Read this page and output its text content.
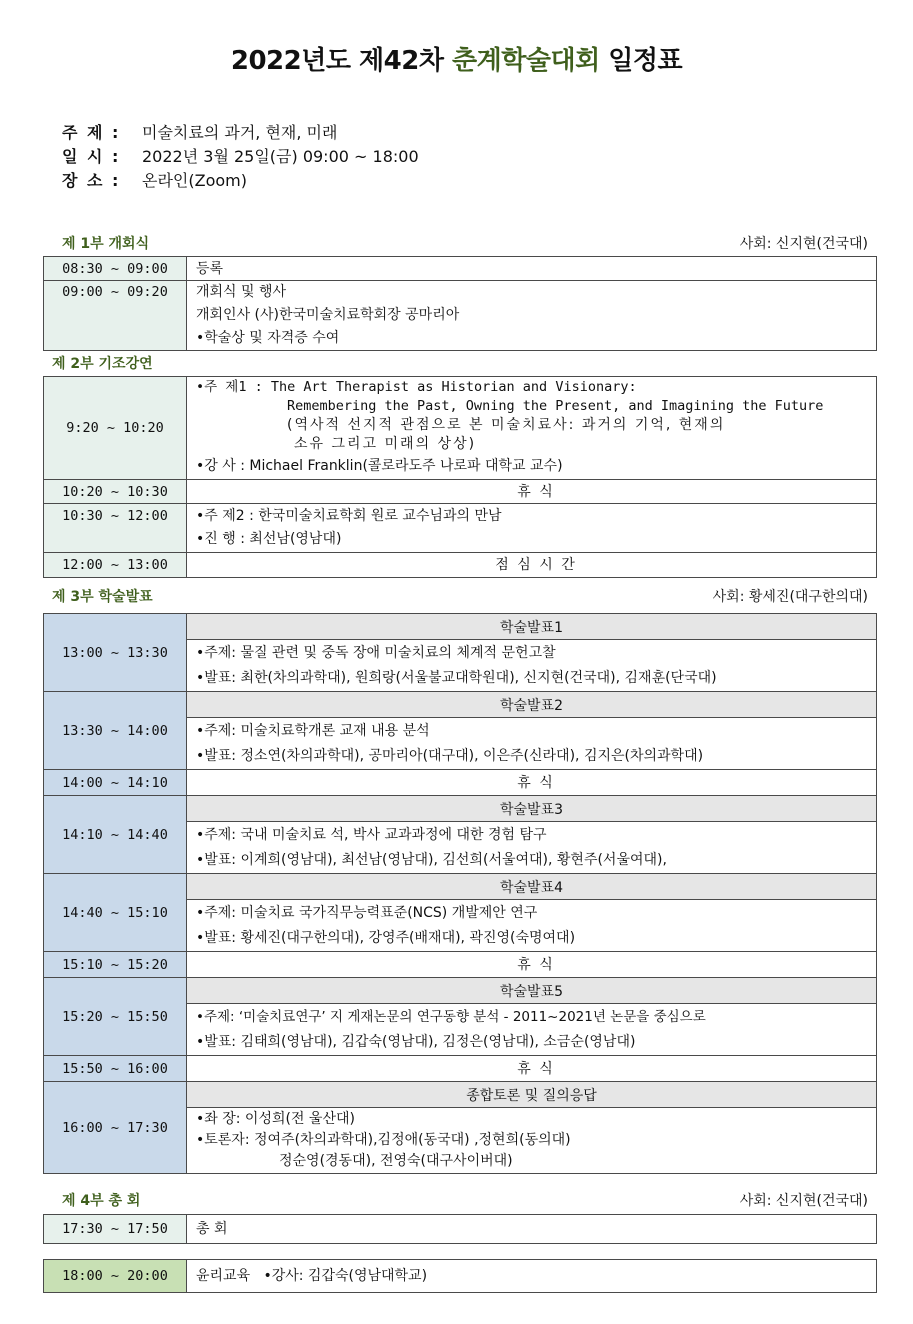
2022년도 제42차 춘계학술대회 일정표
주 제 : 미술치료의 과거, 현재, 미래
일 시 : 2022년 3월 25일(금) 09:00 ~ 18:00
장 소 : 온라인(Zoom)
제 1부 개회식	사회: 신지현(건국대)
08:30 ~ 09:00	등록
09:00 ~ 09:20	개회식 및 행사
개회인사 (사)한국미술치료학회장 공마리아
•학술상 및 자격증 수여
제 2부 기조강연
9:20 ~ 10:20	•주 제1 : The Art Therapist as Historian and Visionary:
Remembering the Past, Owning the Present, and Imagining the Future
(역사적 선지적 관점으로 본 미술치료사: 과거의 기억, 현재의
소유 그리고 미래의 상상)
•강 사 : Michael Franklin(콜로라도주 나로파 대학교 교수)

10:20 ~ 10:30	휴 식
10:30 ~ 12:00	•주 제2 : 한국미술치료학회 원로 교수님과의 만남
•진 행 : 최선남(영남대)

12:00 ~ 13:00	점 심 시 간
제 3부 학술발표	사회: 황세진(대구한의대)
13:00 ~ 13:30	학술발표1
	•주제: 물질 관련 및 중독 장애 미술치료의 체계적 문헌고찰
	•발표: 최한(차의과학대), 원희랑(서울불교대학원대), 신지현(건국대), 김재훈(단국대)
13:30 ~ 14:00	학술발표2
	•주제: 미술치료학개론 교재 내용 분석
	•발표: 정소연(차의과학대), 공마리아(대구대), 이은주(신라대), 김지은(차의과학대)
14:00 ~ 14:10	휴 식
14:10 ~ 14:40	학술발표3
	•주제: 국내 미술치료 석, 박사 교과과정에 대한 경험 탐구
	•발표: 이계희(영남대), 최선남(영남대), 김선희(서울여대), 황현주(서울여대),
14:40 ~ 15:10	학술발표4
	•주제: 미술치료 국가직무능력표준(NCS) 개발제안 연구
	•발표: 황세진(대구한의대), 강영주(배재대), 곽진영(숙명여대)
15:10 ~ 15:20	휴 식
15:20 ~ 15:50	학술발표5
	•주제: ‘미술치료연구’ 지 게재논문의 연구동향 분석 - 2011~2021년 논문을 중심으로
	•발표: 김태희(영남대), 김갑숙(영남대), 김정은(영남대), 소금순(영남대)
15:50 ~ 16:00	휴 식
16:00 ~ 17:30	종합토론 및 질의응답

	•좌 장: 이성희(전 울산대)
•토론자: 정여주(차의과학대),김정애(동국대) ,정현희(동의대)
정순영(경동대), 전영숙(대구사이버대)
제 4부 총 회	사회: 신지현(건국대)
17:30 ~ 17:50	총 회
18:00 ~ 20:00	윤리교육   •강사: 김갑숙(영남대학교)
